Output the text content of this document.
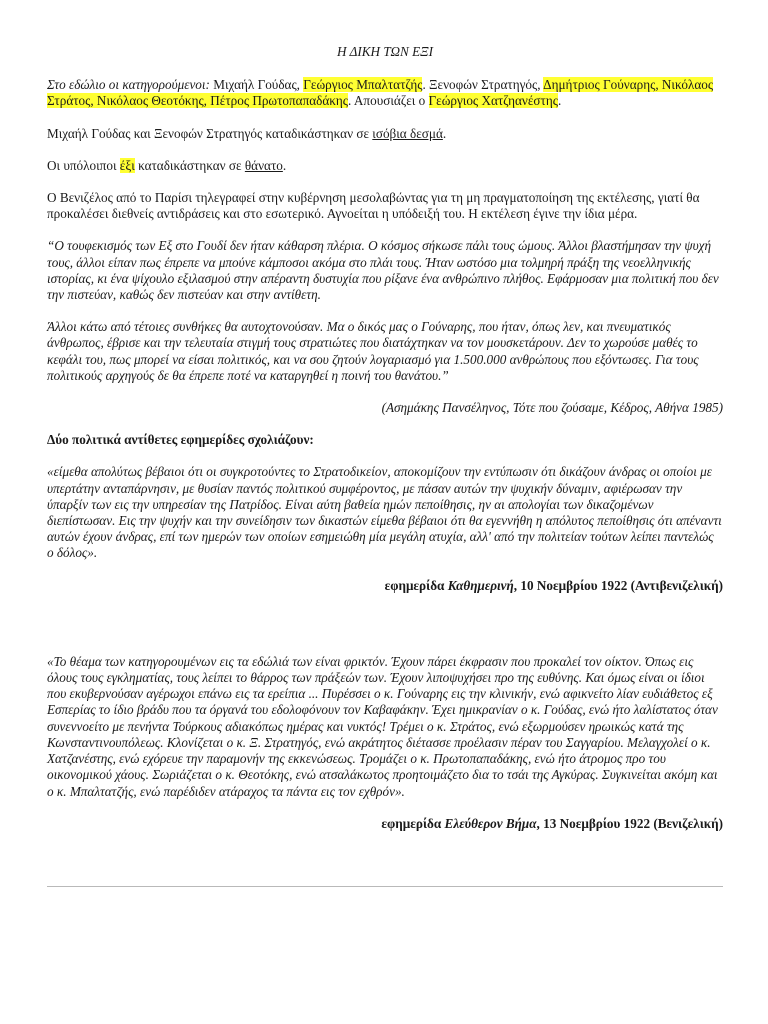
Η ΔΙΚΗ ΤΩΝ ΕΞΙ

Στο εδώλιο οι κατηγορούμενοι: Μιχαήλ Γούδας, Γεώργιος Μπαλτατζής. Ξενοφών Στρατηγός, Δημήτριος Γούναρης, Νικόλαος Στράτος, Νικόλαος Θεοτόκης, Πέτρος Πρωτοπαπαδάκης. Απουσιάζει ο Γεώργιος Χατζηανέστης.

Μιχαήλ Γούδας και Ξενοφών Στρατηγός καταδικάστηκαν σε ισόβια δεσμά.

Οι υπόλοιποι έξι καταδικάστηκαν σε θάνατο.

Ο Βενιζέλος από το Παρίσι τηλεγραφεί στην κυβέρνηση μεσολαβώντας για τη μη πραγματοποίηση της εκτέλεσης, γιατί θα προκαλέσει διεθνείς αντιδράσεις και στο εσωτερικό. Αγνοείται η υπόδειξή του. Η εκτέλεση έγινε την ίδια μέρα.

“Ο τουφεκισμός των Εξ στο Γουδί δεν ήταν κάθαρση πλέρια. Ο κόσμος σήκωσε πάλι τους ώμους. Άλλοι βλαστήμησαν την ψυχή τους, άλλοι είπαν πως έπρεπε να μπούνε κάμποσοι ακόμα στο πλάι τους. Ήταν ωστόσο μια τολμηρή πράξη της νεοελληνικής ιστορίας, κι ένα ψίχουλο εξιλασμού στην απέραντη δυστυχία που ρίξανε ένα ανθρώπινο πλήθος. Εφάρμοσαν μια πολιτική που δεν την πιστεύαν, καθώς δεν πιστεύαν και στην αντίθετη.

Άλλοι κάτω από τέτοιες συνθήκες θα αυτοχτονούσαν. Μα ο δικός μας ο Γούναρης, που ήταν, όπως λεν, και πνευματικός άνθρωπος, έβρισε και την τελευταία στιγμή τους στρατιώτες που διατάχτηκαν να τον μουσκετάρουν. Δεν το χωρούσε μαθές το κεφάλι του, πως μπορεί να είσαι πολιτικός, και να σου ζητούν λογαριασμό για 1.500.000 ανθρώπους που εξόντωσες. Για τους πολιτικούς αρχηγούς δε θα έπρεπε ποτέ να καταργηθεί η ποινή του θανάτου.”

(Ασημάκης Πανσέληνος, Τότε που ζούσαμε, Κέδρος, Αθήνα 1985)

Δύο πολιτικά αντίθετες εφημερίδες σχολιάζουν:

«είμεθα απολύτως βέβαιοι ότι οι συγκροτούντες το Στρατοδικείον, αποκομίζουν την εντύπωσιν ότι δικάζουν άνδρας οι οποίοι με υπερτάτην ανταπάρνησιν, με θυσίαν παντός πολιτικού συμφέροντος, με πάσαν αυτών την ψυχικήν δύναμιν, αφιέρωσαν την ύπαρξίν των εις την υπηρεσίαν της Πατρίδος. Είναι αύτη βαθεία ημών πεποίθησις, ην αι απολογίαι των δικαζομένων διεπίστωσαν. Εις την ψυχήν και την συνείδησιν των δικαστών είμεθα βέβαιοι ότι θα εγεννήθη η απόλυτος πεποίθησις ότι απέναντι αυτών έχουν άνδρας, επί των ημερών των οποίων εσημειώθη μία μεγάλη ατυχία, αλλ' από την πολιτείαν τούτων λείπει παντελώς ο δόλος».

εφημερίδα Καθημερινή, 10 Νοεμβρίου 1922 (Αντιβενιζελική)

«Το θέαμα των κατηγορουμένων εις τα εδώλιά των είναι φρικτόν. Έχουν πάρει έκφρασιν που προκαλεί τον οίκτον. Όπως εις όλους τους εγκληματίας, τους λείπει το θάρρος των πράξεών των. Έχουν λιποψυχήσει προ της ευθύνης. Και όμως είναι οι ίδιοι που εκυβερνούσαν αγέρωχοι επάνω εις τα ερείπια ... Πυρέσσει ο κ. Γούναρης εις την κλινικήν, ενώ αφικνείτο λίαν ευδιάθετος εξ Εσπερίας το ίδιο βράδυ που τα όργανά του εδολοφόνουν τον Καβαφάκην. Έχει ημικρανίαν ο κ. Γούδας, ενώ ήτο λαλίστατος όταν συνεννοείτο με πενήντα Τούρκους αδιακόπως ημέρας και νυκτός! Τρέμει ο κ. Στράτος, ενώ εξωρμούσεν ηρωικώς κατά της Κωνσταντινουπόλεως. Κλονίζεται ο κ. Ξ. Στρατηγός, ενώ ακράτητος διέτασσε προέλασιν πέραν του Σαγγαρίου. Μελαγχολεί ο κ. Χατζανέστης, ενώ εχόρευε την παραμονήν της εκκενώσεως. Τρομάζει ο κ. Πρωτοπαπαδάκης, ενώ ήτο άτρομος προ του οικονομικού χάους. Σωριάζεται ο κ. Θεοτόκης, ενώ ατσαλάκωτος προητοιμάζετο δια το τσάι της Αγκύρας. Συγκινείται ακόμη και ο κ. Μπαλτατζής, ενώ παρέδιδεν ατάραχος τα πάντα εις τον εχθρόν».

εφημερίδα Ελεύθερον Βήμα, 13 Νοεμβρίου 1922 (Βενιζελική)
